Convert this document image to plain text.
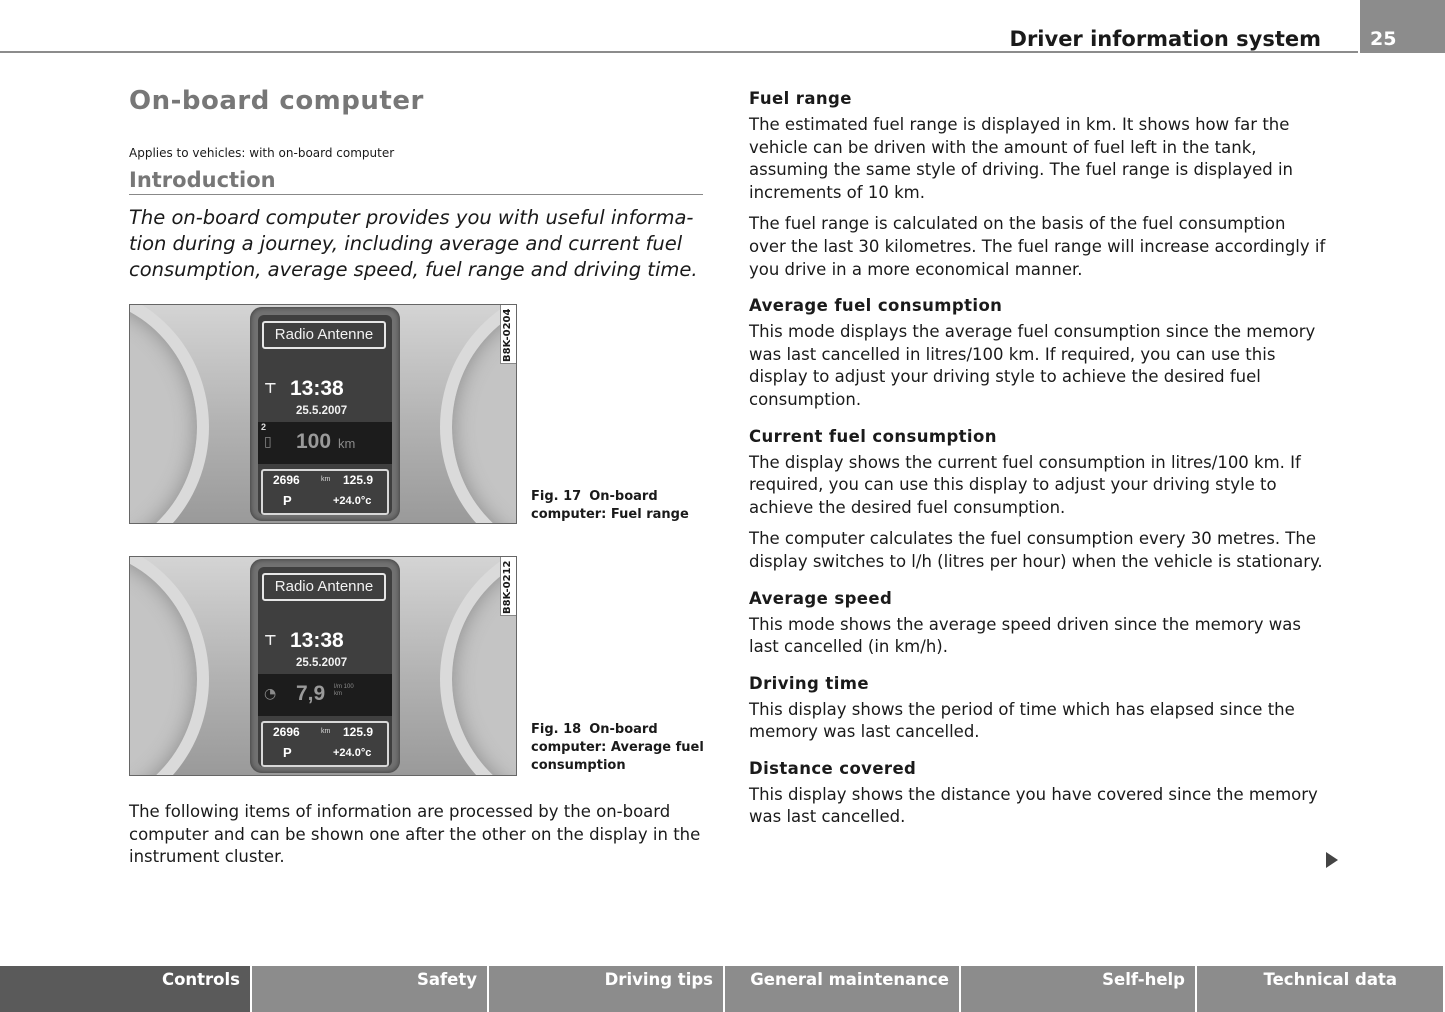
Driver information system	25
On-board computer

Applies to vehicles: with on-board computer

Introduction

The on-board computer provides you with useful informa-
tion during a journey, including average and current fuel
consumption, average speed, fuel range and driving time.

Radio Antenne
⊤ 13:38
25.5.2007
▯ 100 km
2
2696	km 125.9
P	+24.0°c
B8K-0204
Fig. 17 On-board computer: Fuel range
Radio Antenne
⊤ 13:38
25.5.2007
◔ 7,9 l/m 100 km
2696	km 125.9
P	+24.0°c
B8K-0212
Fig. 18 On-board computer: Average fuel consumption

The following items of information are processed by the on-board computer and can be shown one after the other on the display in the instrument cluster.

Fuel range

The estimated fuel range is displayed in km. It shows how far the vehicle can be driven with the amount of fuel left in the tank, assuming the same style of driving. The fuel range is displayed in increments of 10 km.

The fuel range is calculated on the basis of the fuel consumption over the last 30 kilometres. The fuel range will increase accordingly if you drive in a more economical manner.

Average fuel consumption

This mode displays the average fuel consumption since the memory was last cancelled in litres/100 km. If required, you can use this display to adjust your driving style to achieve the desired fuel consumption.

Current fuel consumption

The display shows the current fuel consumption in litres/100 km. If required, you can use this display to adjust your driving style to achieve the desired fuel consumption.

The computer calculates the fuel consumption every 30 metres. The display switches to l/h (litres per hour) when the vehicle is stationary.

Average speed

This mode shows the average speed driven since the memory was last cancelled (in km/h).

Driving time

This display shows the period of time which has elapsed since the memory was last cancelled.

Distance covered

This display shows the distance you have covered since the memory was last cancelled.

Controls	Safety	Driving tips	General maintenance	Self-help	Technical data
